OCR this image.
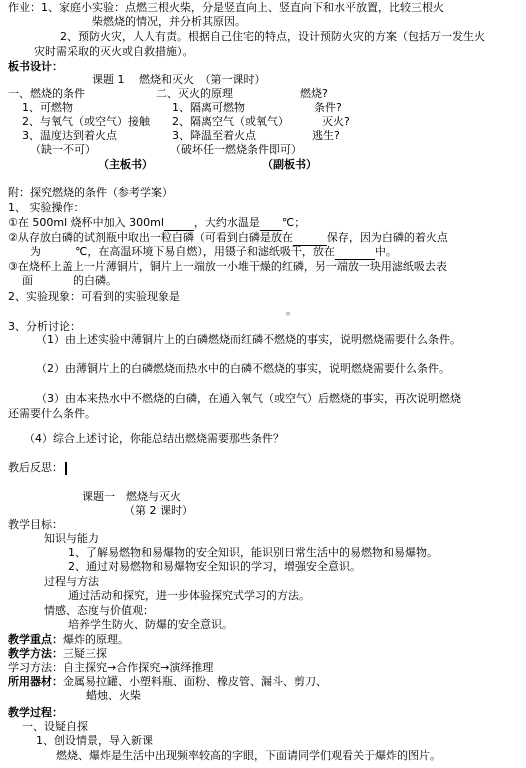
作业：1、家庭小实验：点燃三根火柴，分是竖直向上、竖直向下和水平放置，比较三根火
柴燃烧的情况，并分析其原因。
2、预防火灾，人人有责。根据自己住宅的特点，设计预防火灾的方案（包括万一发生火
灾时需采取的灭火或自救措施）。
板书设计：
课题 1　 燃烧和灭火　（第一课时）
一、燃烧的条件	二、灭火的原理	燃烧?
1、可燃物	1、隔离可燃物	条件?
2、与氧气（或空气）接触 2、隔离空气（或氧气）	灭火?
3、温度达到着火点	3、降温至着火点	逃生?
（缺一不可）	（破坏任一燃烧条件即可）
（主板书）	（副板书）
附：探究燃烧的条件（参考学案）
1、 实验操作：
①在 500ml 烧杯中加入 300ml	，大约水温是 ℃；
②从存放白磷的试剂瓶中取出一粒白磷（可看到白磷是放在	保存，因为白磷的着火点
为	℃，在高温环境下易自燃），用镊子和滤纸吸干，放在	中。
③在烧杯上盖上一片薄铜片，铜片上一端放一小堆干燥的红磷，另一端放一块用滤纸吸去表
面	的白磷。
2、实验现象：可看到的实验现象是
。
3、分析讨论：
（1）由上述实验中薄铜片上的白磷燃烧而红磷不燃烧的事实，说明燃烧需要什么条件。
（2）由薄铜片上的白磷燃烧而热水中的白磷不燃烧的事实，说明燃烧需要什么条件。
（3）由本来热水中不燃烧的白磷，在通入氧气（或空气）后燃烧的事实，再次说明燃烧
还需要什么条件。
（4）综合上述讨论，你能总结出燃烧需要那些条件？
教后反思：
课题一　燃烧与灭火
（第 2 课时）
教学目标：
知识与能力
1、了解易燃物和易爆物的安全知识，能识别日常生活中的易燃物和易爆物。
2、通过对易燃物和易爆物安全知识的学习，增强安全意识。
过程与方法
通过活动和探究，进一步体验探究式学习的方法。
情感、态度与价值观：
培养学生防火、防爆的安全意识。
教学重点：爆炸的原理。
教学方法：三疑三探
学习方法：自主探究→合作探究→演绎推理
所用器材：金属易拉罐、小塑料瓶、面粉、橡皮管、漏斗、剪刀、
蜡烛、火柴
教学过程：
一、设疑自探
1、创设情景，导入新课
燃烧、爆炸是生活中出现频率较高的字眼，下面请同学们观看关于爆炸的图片。
